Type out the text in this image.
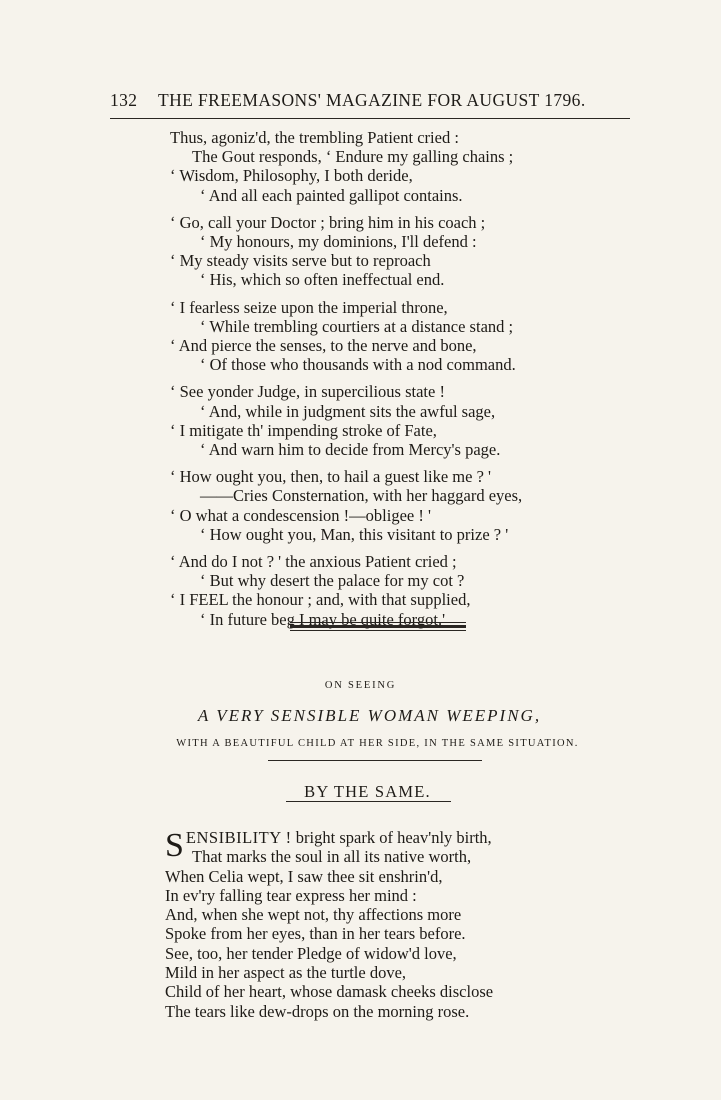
132 THE FREEMASONS' MAGAZINE FOR AUGUST 1796.
Thus, agoniz'd, the trembling Patient cried :
The Gout responds, ‘ Endure my galling chains ;
‘ Wisdom, Philosophy, I both deride,
‘ And all each painted gallipot contains.
‘ Go, call your Doctor ; bring him in his coach ;
‘ My honours, my dominions, I'll defend :
‘ My steady visits serve but to reproach
‘ His, which so often ineffectual end.
‘ I fearless seize upon the imperial throne,
‘ While trembling courtiers at a distance stand ;
‘ And pierce the senses, to the nerve and bone,
‘ Of those who thousands with a nod command.
‘ See yonder Judge, in supercilious state !
‘ And, while in judgment sits the awful sage,
‘ I mitigate th' impending stroke of Fate,
‘ And warn him to decide from Mercy's page.
‘ How ought you, then, to hail a guest like me ? '
——Cries Consternation, with her haggard eyes,
‘ O what a condescension !—obligee ! '
‘ How ought you, Man, this visitant to prize ? '
‘ And do I not ? ' the anxious Patient cried ;
‘ But why desert the palace for my cot ?
‘ I FEEL the honour ; and, with that supplied,
‘ In future beg I may be quite forgot.'
ON SEEING
A VERY SENSIBLE WOMAN WEEPING,
WITH A BEAUTIFUL CHILD AT HER SIDE, IN THE SAME SITUATION.
BY THE SAME.
SENSIBILITY ! bright spark of heav'nly birth,
That marks the soul in all its native worth,
When Celia wept, I saw thee sit enshrin'd,
In ev'ry falling tear express her mind :
And, when she wept not, thy affections more
Spoke from her eyes, than in her tears before.
See, too, her tender Pledge of widow'd love,
Mild in her aspect as the turtle dove,
Child of her heart, whose damask cheeks disclose
The tears like dew-drops on the morning rose.
